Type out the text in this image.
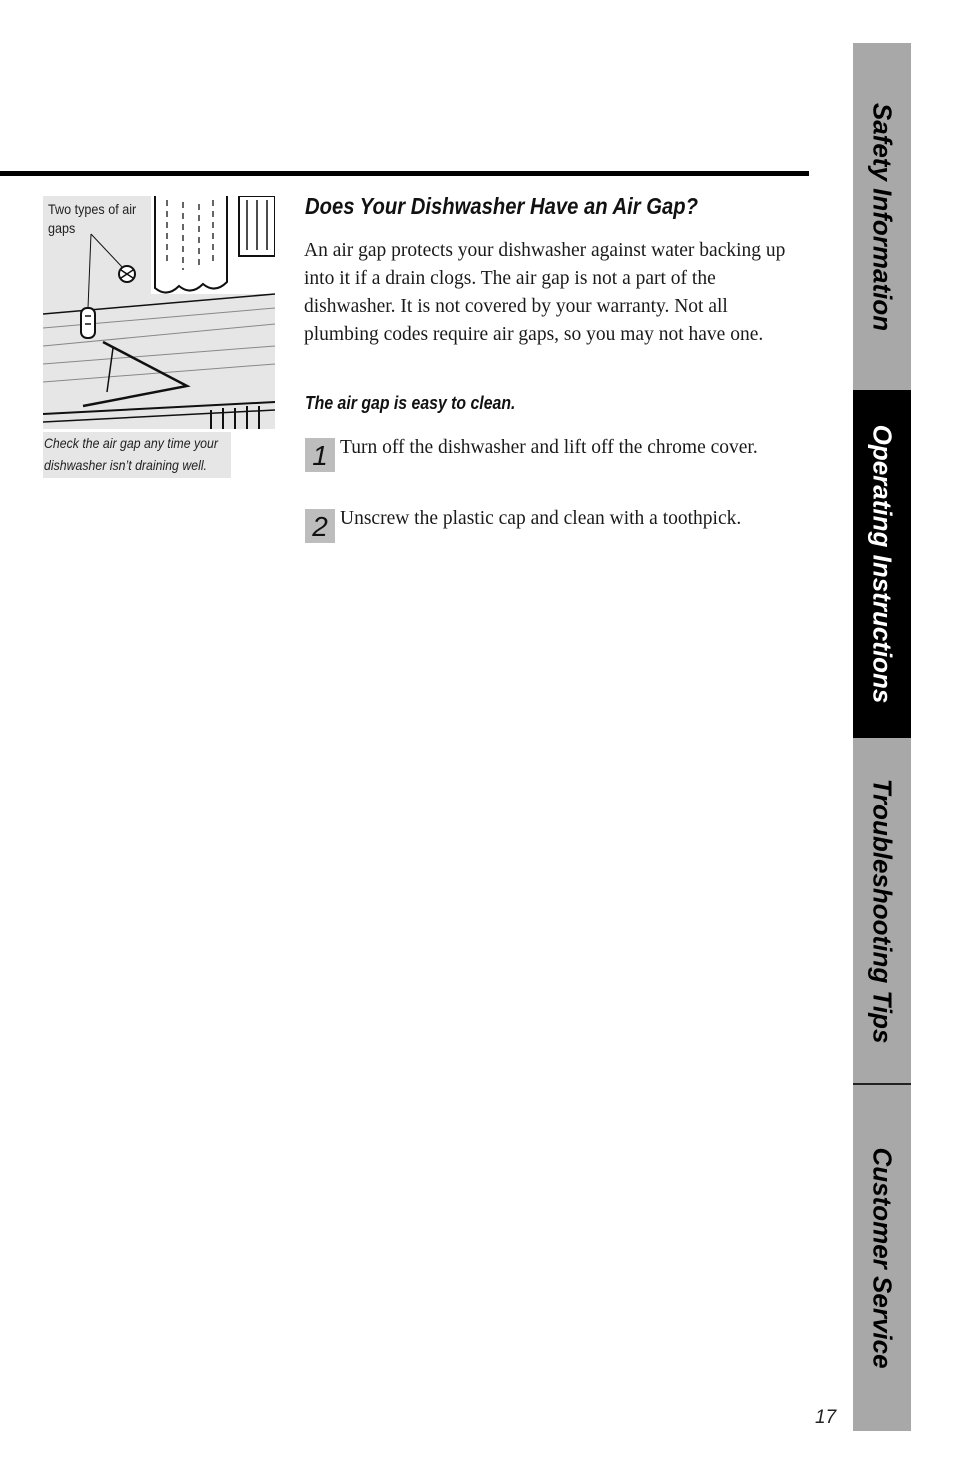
Two types of air gaps
Check the air gap any time your
dishwasher isn’t draining well.
Does Your Dishwasher Have an Air Gap?
An air gap protects your dishwasher against water backing up into it if a drain clogs. The air gap is not a part of the dishwasher. It is not covered by your warranty. Not all plumbing codes require air gaps, so you may not have one.
The air gap is easy to clean.
1 Turn off the dishwasher and lift off the chrome cover.
2 Unscrew the plastic cap and clean with a toothpick.
Safety Information
Operating Instructions
Troubleshooting Tips
Customer Service
17
